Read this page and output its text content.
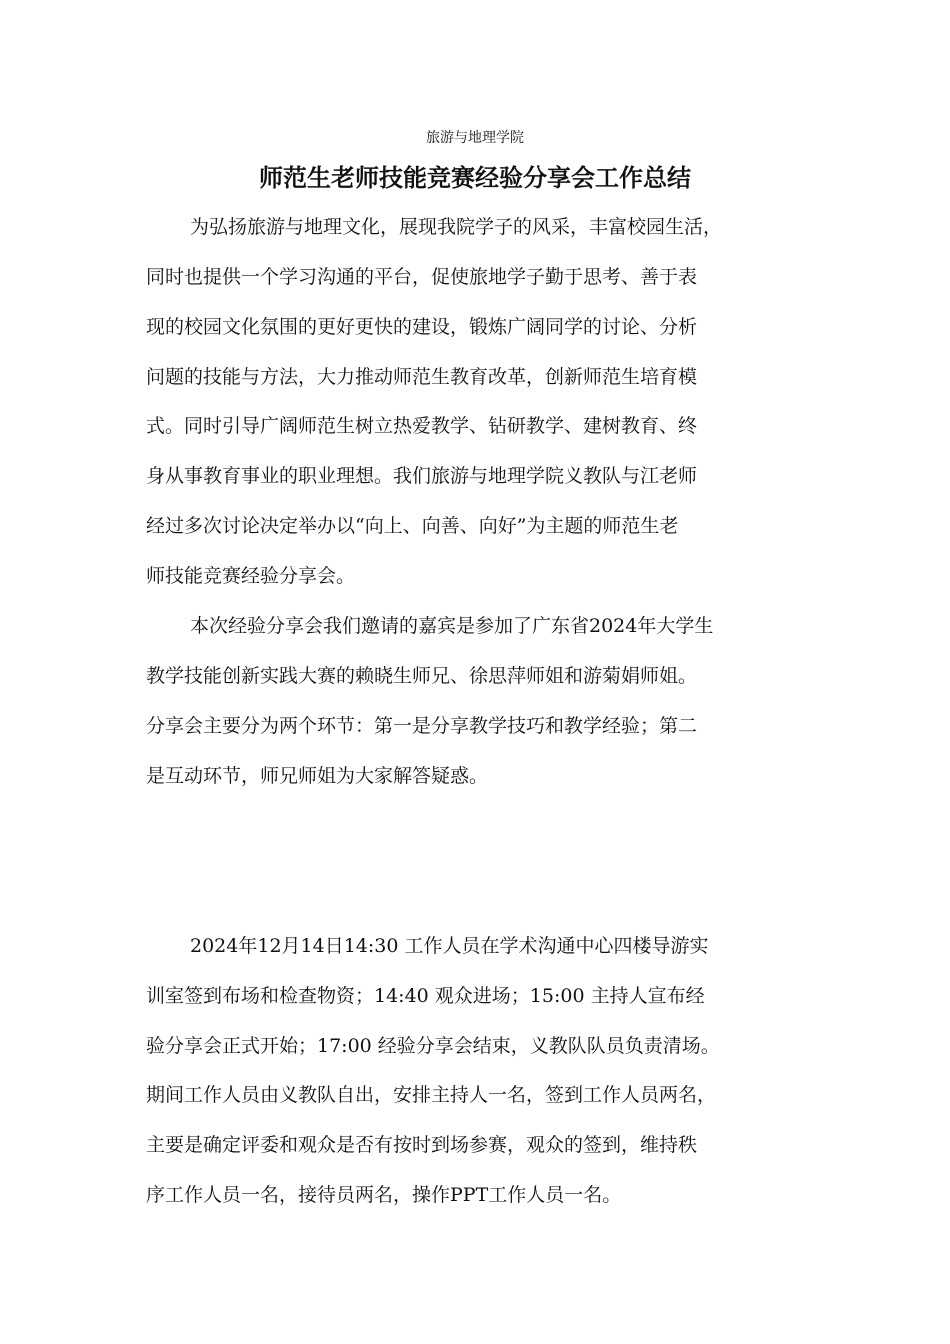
旅游与地理学院
师范生老师技能竞赛经验分享会工作总结
为弘扬旅游与地理文化，展现我院学子的风采，丰富校园生活，
同时也提供一个学习沟通的平台，促使旅地学子勤于思考、善于表
现的校园文化氛围的更好更快的建设，锻炼广阔同学的讨论、分析
问题的技能与方法，大力推动师范生教育改革，创新师范生培育模
式。同时引导广阔师范生树立热爱教学、钻研教学、建树教育、终
身从事教育事业的职业理想。我们旅游与地理学院义教队与江老师
经过多次讨论决定举办以“向上、向善、向好”为主题的师范生老
师技能竞赛经验分享会。
本次经验分享会我们邀请的嘉宾是参加了广东省2024年大学生
教学技能创新实践大赛的赖晓生师兄、徐思萍师姐和游菊娟师姐。
分享会主要分为两个环节：第一是分享教学技巧和教学经验；第二
是互动环节，师兄师姐为大家解答疑惑。
2024年12月14日14:30 工作人员在学术沟通中心四楼导游实
训室签到布场和检查物资；14:40 观众进场；15:00 主持人宣布经
验分享会正式开始；17:00 经验分享会结束，义教队队员负责清场。
期间工作人员由义教队自出，安排主持人一名，签到工作人员两名，
主要是确定评委和观众是否有按时到场参赛，观众的签到，维持秩
序工作人员一名，接待员两名，操作PPT工作人员一名。
